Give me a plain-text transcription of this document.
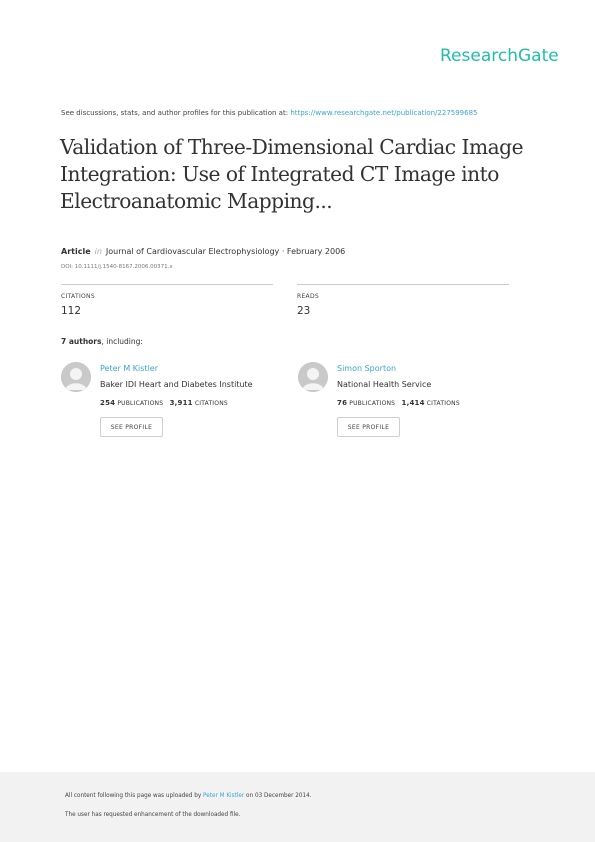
ResearchGate
See discussions, stats, and author profiles for this publication at: https://www.researchgate.net/publication/227599685
Validation of Three-Dimensional Cardiac Image Integration: Use of Integrated CT Image into Electroanatomic Mapping...
Article in Journal of Cardiovascular Electrophysiology · February 2006
DOI: 10.1111/j.1540-8167.2006.00371.x
CITATIONS
112
READS
23
7 authors, including:
Peter M Kistler
Baker IDI Heart and Diabetes Institute
254 PUBLICATIONS 3,911 CITATIONS
SEE PROFILE
Simon Sporton
National Health Service
76 PUBLICATIONS 1,414 CITATIONS
SEE PROFILE
All content following this page was uploaded by Peter M Kistler on 03 December 2014.
The user has requested enhancement of the downloaded file.
